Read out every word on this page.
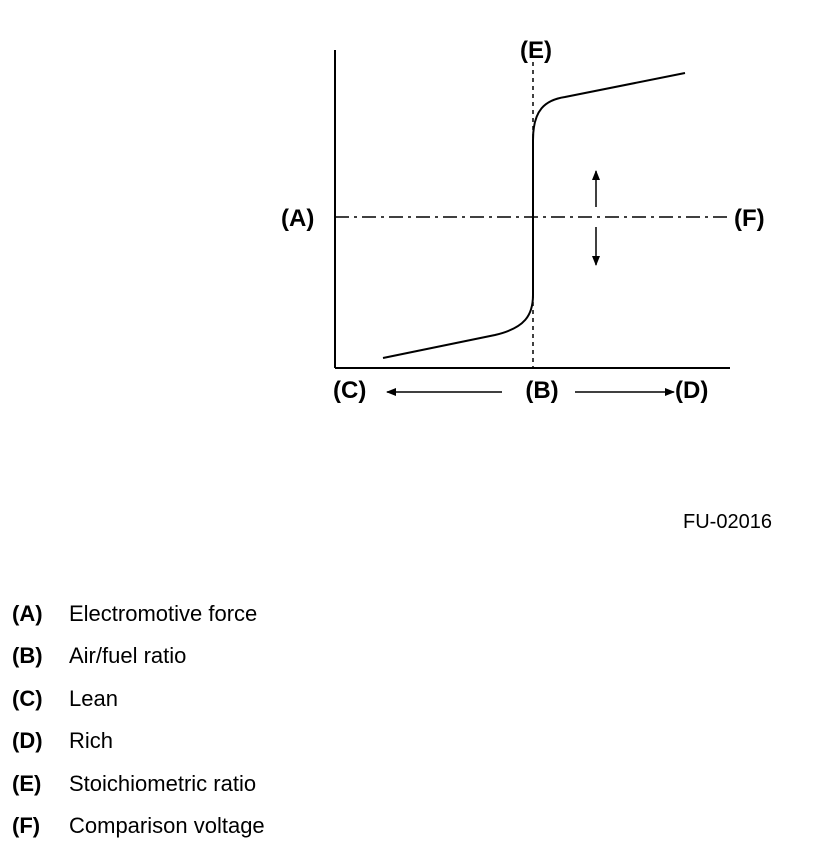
(E)
(A)	(F)
(C)	(B)	(D)
FU-02016
(A)	Electromotive force
(B)	Air/fuel ratio
(C)	Lean
(D)	Rich
(E)	Stoichiometric ratio
(F)	Comparison voltage
